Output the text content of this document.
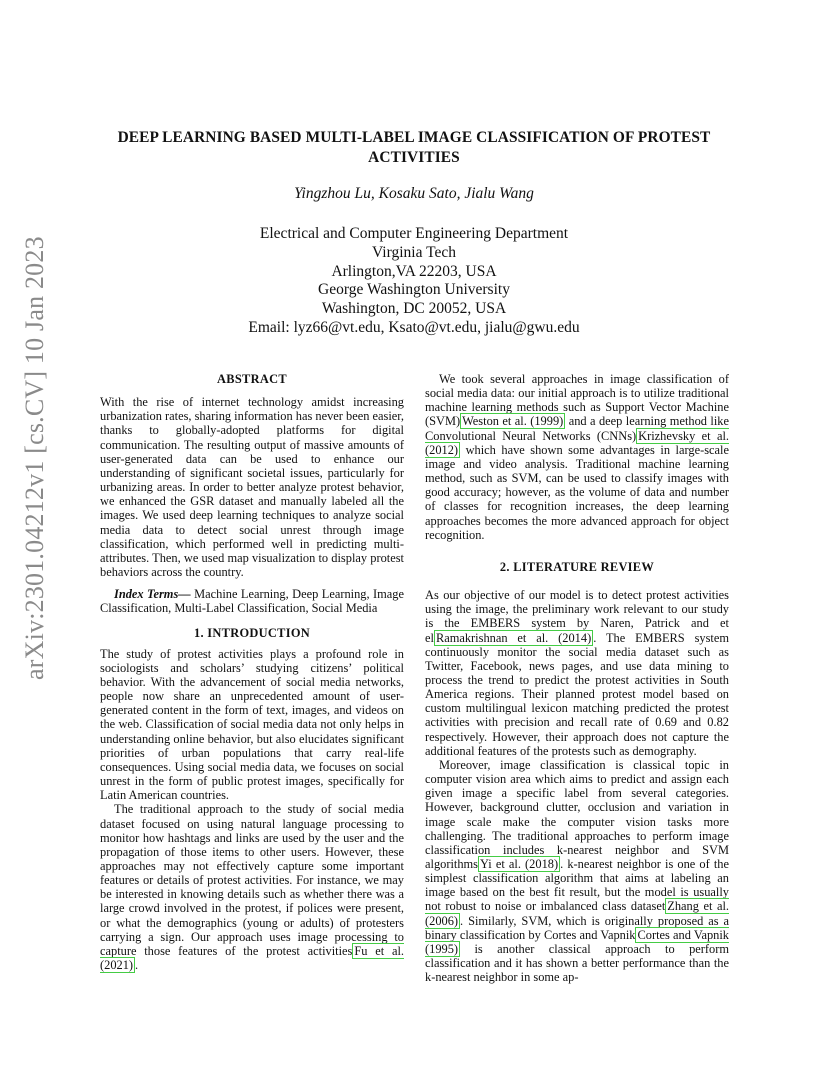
arXiv:2301.04212v1 [cs.CV] 10 Jan 2023
DEEP LEARNING BASED MULTI-LABEL IMAGE CLASSIFICATION OF PROTEST
ACTIVITIES
Yingzhou Lu, Kosaku Sato, Jialu Wang
Electrical and Computer Engineering Department
Virginia Tech
Arlington,VA 22203, USA
George Washington University
Washington, DC 20052, USA
Email: lyz66@vt.edu, Ksato@vt.edu, jialu@gwu.edu

ABSTRACT

With the rise of internet technology amidst increasing urbanization rates, sharing information has never been easier, thanks to globally-adopted platforms for digital communication. The resulting output of massive amounts of user-generated data can be used to enhance our understanding of significant societal issues, particularly for urbanizing areas. In order to better analyze protest behavior, we enhanced the GSR dataset and manually labeled all the images. We used deep learning techniques to analyze social media data to detect social unrest through image classification, which performed well in predicting multi-attributes. Then, we used map visualization to display protest behaviors across the country.

Index Terms— Machine Learning, Deep Learning, Image Classification, Multi-Label Classification, Social Media

1. INTRODUCTION

The study of protest activities plays a profound role in sociologists and scholars’ studying citizens’ political behavior. With the advancement of social media networks, people now share an unprecedented amount of user-generated content in the form of text, images, and videos on the web. Classification of social media data not only helps in understanding online behavior, but also elucidates significant priorities of urban populations that carry real-life consequences. Using social media data, we focuses on social unrest in the form of public protest images, specifically for Latin American countries.

The traditional approach to the study of social media dataset focused on using natural language processing to monitor how hashtags and links are used by the user and the propagation of those items to other users. However, these approaches may not effectively capture some important features or details of protest activities. For instance, we may be interested in knowing details such as whether there was a large crowd involved in the protest, if polices were present, or what the demographics (young or adults) of protesters carrying a sign. Our approach uses image processing to capture those features of the protest activities Fu et al. (2021) .

We took several approaches in image classification of social media data: our initial approach is to utilize traditional machine learning methods such as Support Vector Machine (SVM) Weston et al. (1999) and a deep learning method like Convolutional Neural Networks (CNNs) Krizhevsky et al. (2012) which have shown some advantages in large-scale image and video analysis. Traditional machine learning method, such as SVM, can be used to classify images with good accuracy; however, as the volume of data and number of classes for recognition increases, the deep learning approaches becomes the more advanced approach for object recognition.

2. LITERATURE REVIEW

As our objective of our model is to detect protest activities using the image, the preliminary work relevant to our study is the EMBERS system by Naren, Patrick and et el Ramakrishnan et al. (2014) . The EMBERS system continuously monitor the social media dataset such as Twitter, Facebook, news pages, and use data mining to process the trend to predict the protest activities in South America regions. Their planned protest model based on custom multilingual lexicon matching predicted the protest activities with precision and recall rate of 0.69 and 0.82 respectively. However, their approach does not capture the additional features of the protests such as demography.

Moreover, image classification is classical topic in computer vision area which aims to predict and assign each given image a specific label from several categories. However, background clutter, occlusion and variation in image scale make the computer vision tasks more challenging. The traditional approaches to perform image classification includes k-nearest neighbor and SVM algorithms Yi et al. (2018) . k-nearest neighbor is one of the simplest classification algorithm that aims at labeling an image based on the best fit result, but the model is usually not robust to noise or imbalanced class dataset Zhang et al. (2006) . Similarly, SVM, which is originally proposed as a binary classification by Cortes and Vapnik Cortes and Vapnik (1995) is another classical approach to perform classification and it has shown a better performance than the k-nearest neighbor in some ap-
